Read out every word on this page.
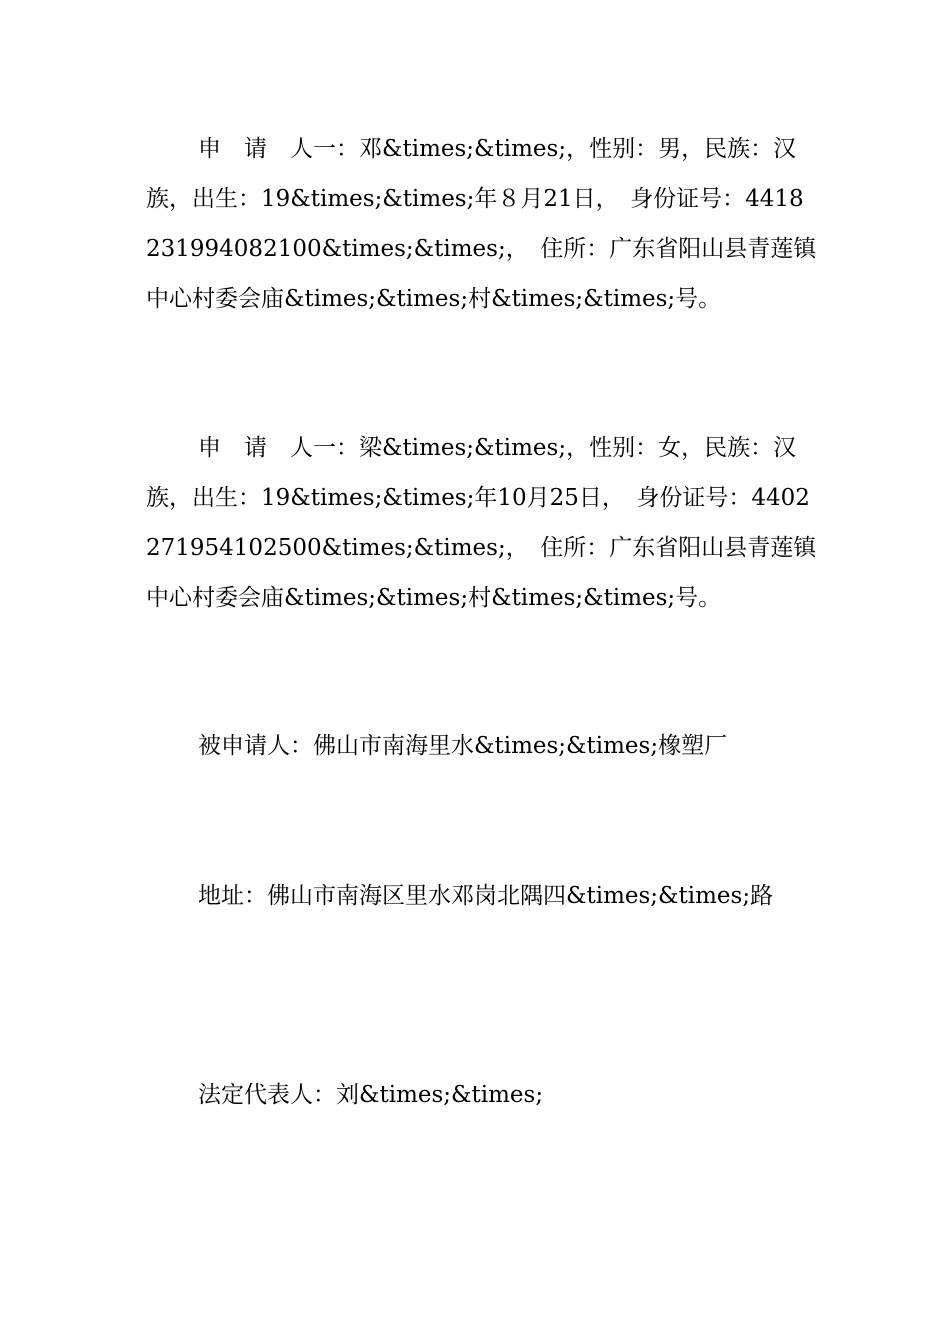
申　请　人一：邓&times;&times;，性别：男，民族：汉族，出生：19&times;&times;年８月21日，　身份证号：4418231994082100&times;&times;，　住所：广东省阳山县青莲镇中心村委会庙&times;&times;村&times;&times;号。

申　请　人一：梁&times;&times;，性别：女，民族：汉族，出生：19&times;&times;年10月25日，　身份证号：4402271954102500&times;&times;，　住所：广东省阳山县青莲镇中心村委会庙&times;&times;村&times;&times;号。

被申请人：佛山市南海里水&times;&times;橡塑厂

地址：佛山市南海区里水邓岗北隅四&times;&times;路

法定代表人：刘&times;&times;
